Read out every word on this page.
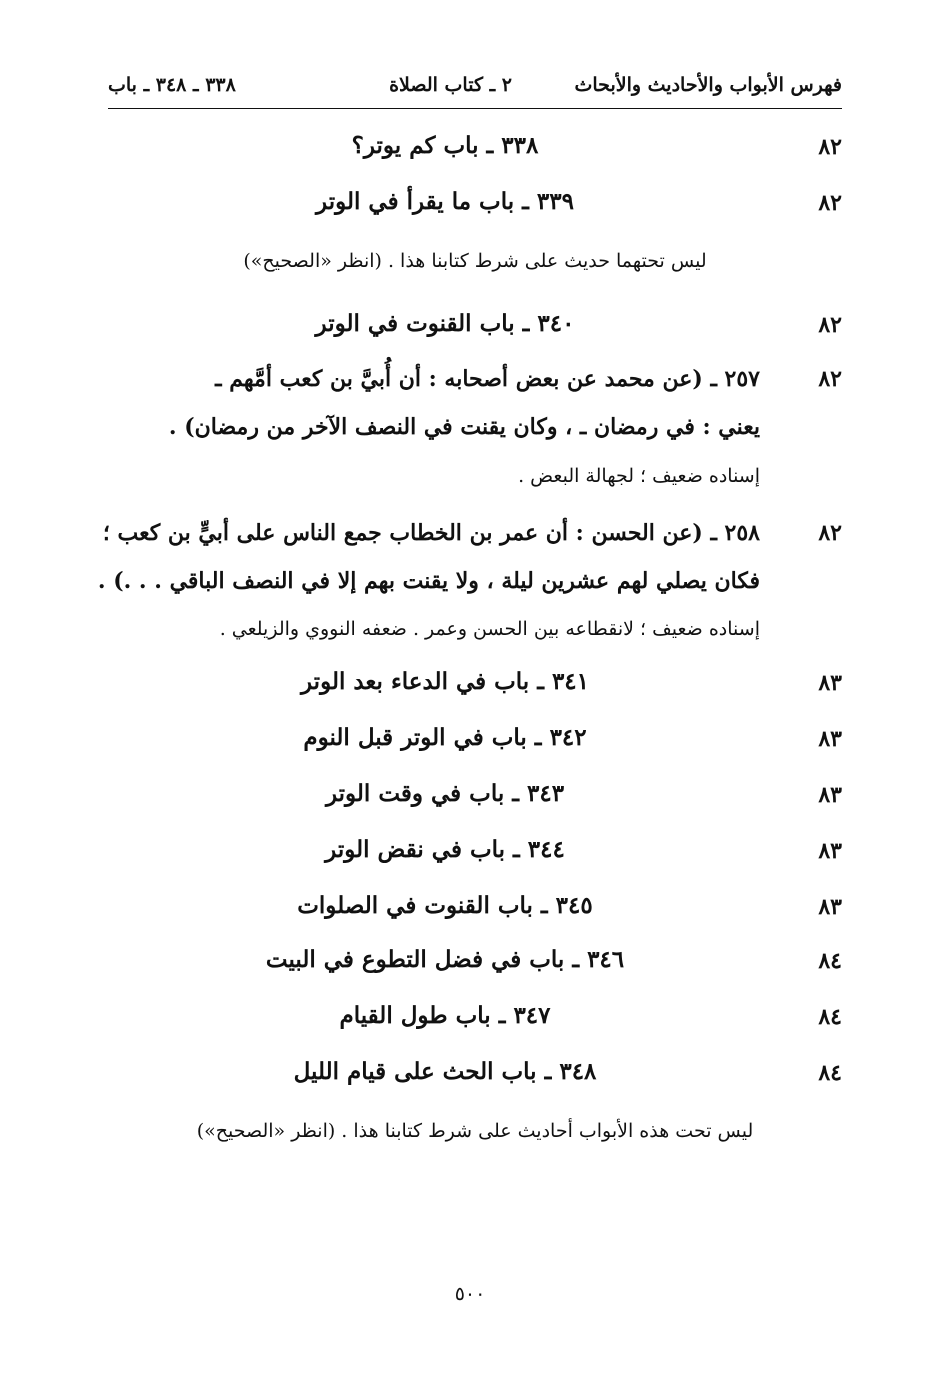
فهرس الأبواب والأحاديث والأبحاث
٢ ـ كتاب الصلاة
٣٣٨ ـ ٣٤٨ ـ باب
٨٢
٣٣٨ ـ باب كم يوتر؟
٨٢
٣٣٩ ـ باب ما يقرأ في الوتر
ليس تحتهما حديث على شرط كتابنا هذا . (انظر «الصحيح»)
٨٢
٣٤٠ ـ باب القنوت في الوتر
٨٢
٢٥٧ ـ (عن محمد عن بعض أصحابه : أن أُبيَّ بن كعب أمَّهم ـ
يعني : في رمضان ـ ، وكان يقنت في النصف الآخر من رمضان) .
إسناده ضعيف ؛ لجهالة البعض .
٨٢
٢٥٨ ـ (عن الحسن : أن عمر بن الخطاب جمع الناس على أبيٍّ بن كعب ؛
فكان يصلي لهم عشرين ليلة ، ولا يقنت بهم إلا في النصف الباقي . . .) .
إسناده ضعيف ؛ لانقطاعه بين الحسن وعمر . ضعفه النووي والزيلعي .
٨٣
٣٤١ ـ باب في الدعاء بعد الوتر
٨٣
٣٤٢ ـ باب في الوتر قبل النوم
٨٣
٣٤٣ ـ باب في وقت الوتر
٨٣
٣٤٤ ـ باب في نقض الوتر
٨٣
٣٤٥ ـ باب القنوت في الصلوات
٨٤
٣٤٦ ـ باب في فضل التطوع في البيت
٨٤
٣٤٧ ـ باب طول القيام
٨٤
٣٤٨ ـ باب الحث على قيام الليل
ليس تحت هذه الأبواب أحاديث على شرط كتابنا هذا . (انظر «الصحيح»)
٥٠٠
